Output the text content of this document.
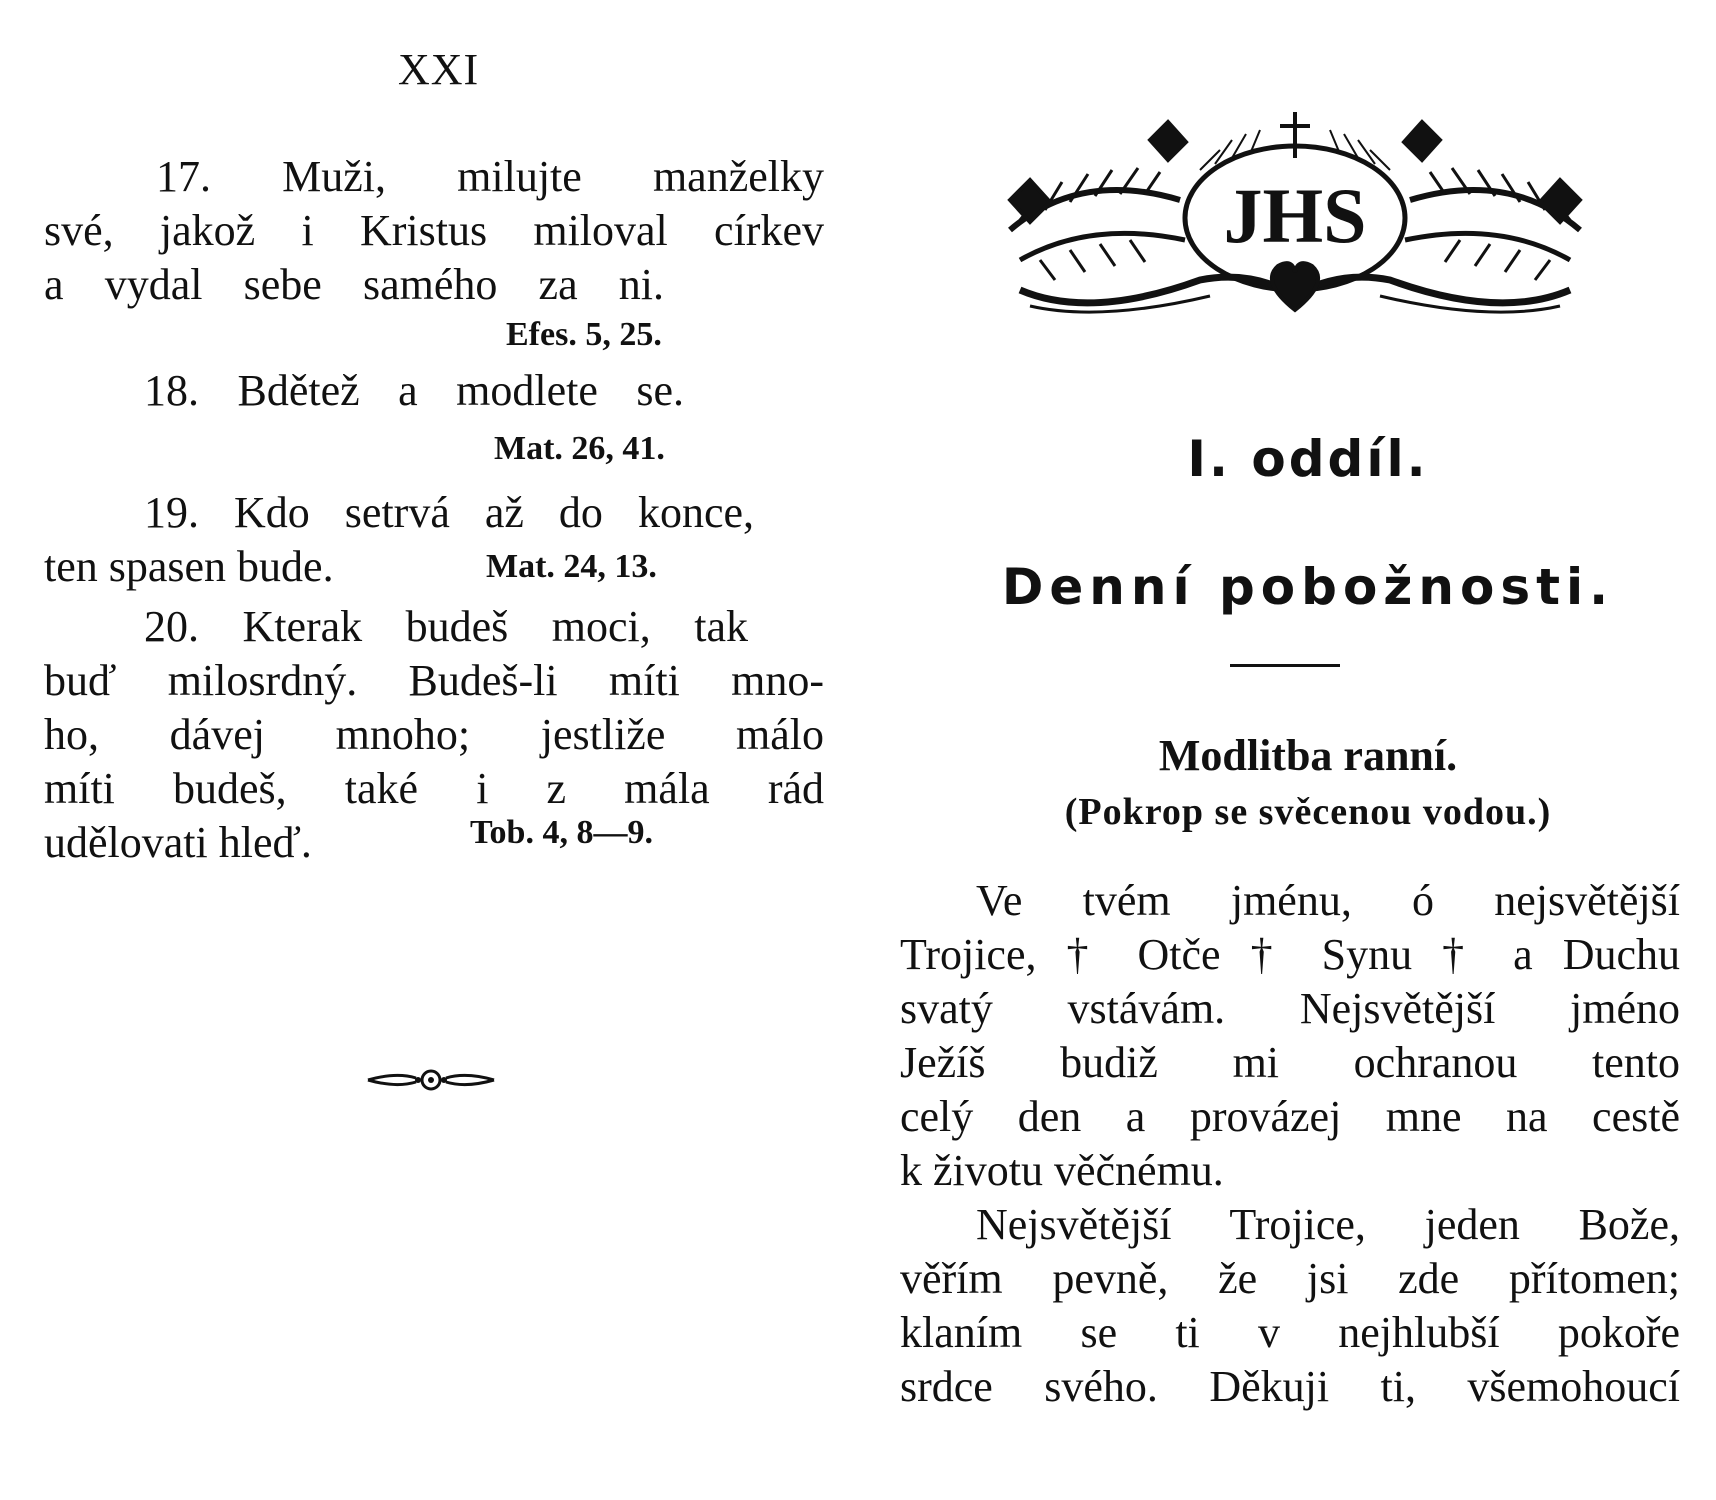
XXI
17. Muži, milujte manželky
své, jakož i Kristus miloval církev
a vydal sebe samého za ni.
Efes. 5, 25.
18. Bdětež a modlete se.
Mat. 26, 41.
19. Kdo setrvá až do konce,
ten spasen bude.	Mat. 24, 13.
20. Kterak budeš moci, tak
buď milosrdný. Budeš-li míti mno-
ho, dávej mnoho; jestliže málo
míti budeš, také i z mála rád
udělovati hleď.	Tob. 4, 8—9.
JHS
I. oddíl.
Denní pobožnosti.
Modlitba ranní.
(Pokrop se svěcenou vodou.)
Ve tvém jménu, ó nejsvětější
Trojice, † Otče † Synu † a Duchu
svatý vstávám. Nejsvětější jméno
Ježíš budiž mi ochranou tento
celý den a provázej mne na cestě
k životu věčnému.
Nejsvětější Trojice, jeden Bože,
věřím pevně, že jsi zde přítomen;
klaním se ti v nejhlubší pokoře
srdce svého. Děkuji ti, všemohoucí
